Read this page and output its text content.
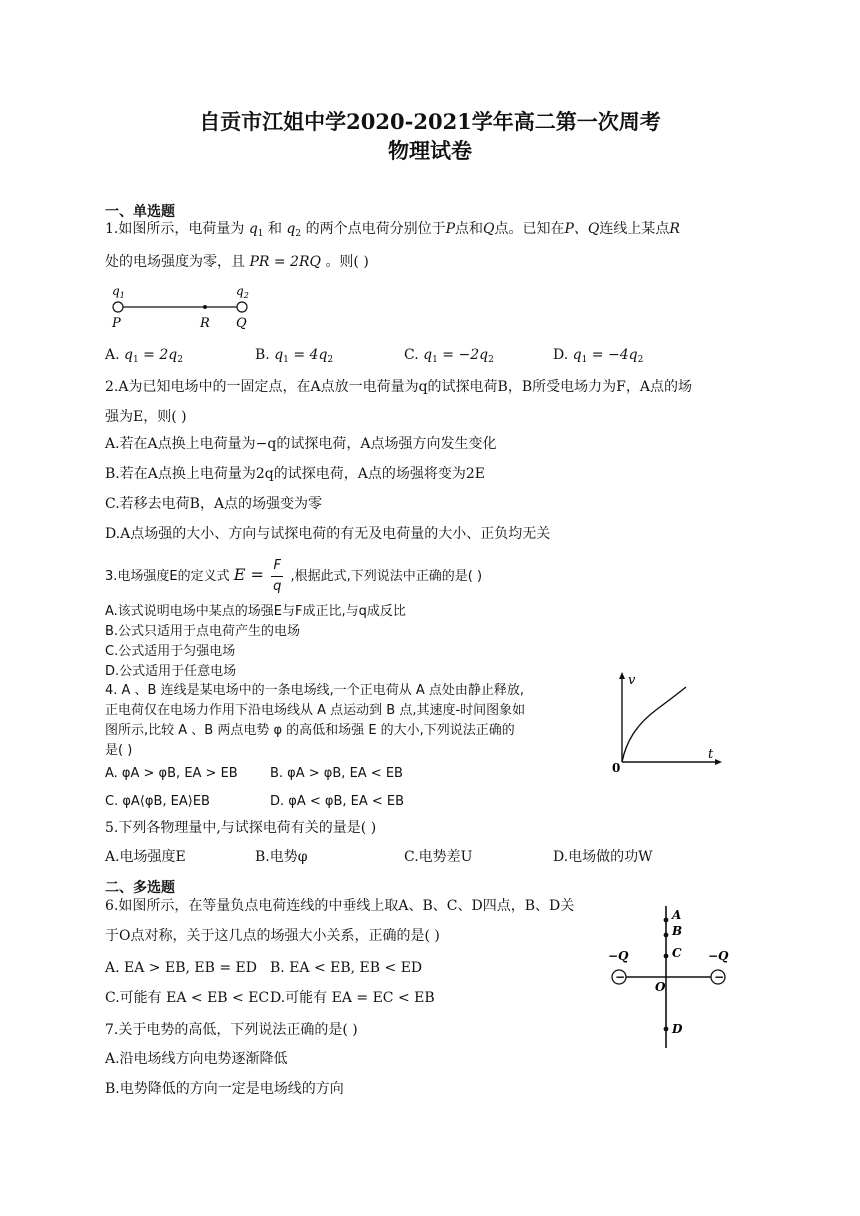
自贡市江姐中学2020-2021学年高二第一次周考
物理试卷
一、单选题
1.如图所示，电荷量为 $q_1$ 和 $q_2$ 的两个点电荷分别位于P点和Q点。已知在P、Q连线上某点R
处的电场强度为零，且 PR = 2RQ 。则( )
$q_1$	$q_2$
P	R Q
A. $q_1 = 2q_2$	B. $q_1 = 4q_2$	C. $q_1 = -2q_2$	D. $q_1 = -4q_2$
2.A为已知电场中的一固定点，在A点放一电荷量为q的试探电荷B，B所受电场力为F，A点的场
强为E，则( )
A.若在A点换上电荷量为−q的试探电荷，A点场强方向发生变化
B.若在A点换上电荷量为2q的试探电荷，A点的场强将变为2E
C.若移去电荷B，A点的场强变为零
D.A点场强的大小、方向与试探电荷的有无及电荷量的大小、正负均无关
3.电场强度E的定义式 $E = \frac{F}{q}$ ,根据此式,下列说法中正确的是( )
A.该式说明电场中某点的场强E与F成正比,与q成反比
B.公式只适用于点电荷产生的电场
C.公式适用于匀强电场
D.公式适用于任意电场
4. A 、B 连线是某电场中的一条电场线,一个正电荷从 A 点处由静止释放,
正电荷仅在电场力作用下沿电场线从 A 点运动到 B 点,其速度-时间图象如
图所示,比较 A 、B 两点电势 φ 的高低和场强 E 的大小,下列说法正确的
是( )
A. φA > φB, EA > EB B. φA > φB, EA < EB
C. φA⟨φB, EA⟩EB	D. φA < φB, EA < EB
v
t
0
5.下列各物理量中,与试探电荷有关的量是( )
A.电场强度E	B.电势φ	C.电势差U	D.电场做的功W
二、多选题
6.如图所示，在等量负点电荷连线的中垂线上取A、B、C、D四点，B、D关
于O点对称，关于这几点的场强大小关系，正确的是( )
A. EA > EB, EB = ED B. EA < EB, EB < ED
C.可能有 EA < EB < EC D.可能有 EA = EC < EB
−	−
A
B
C
D
O
−Q	−Q
7.关于电势的高低，下列说法正确的是( )
A.沿电场线方向电势逐渐降低
B.电势降低的方向一定是电场线的方向
